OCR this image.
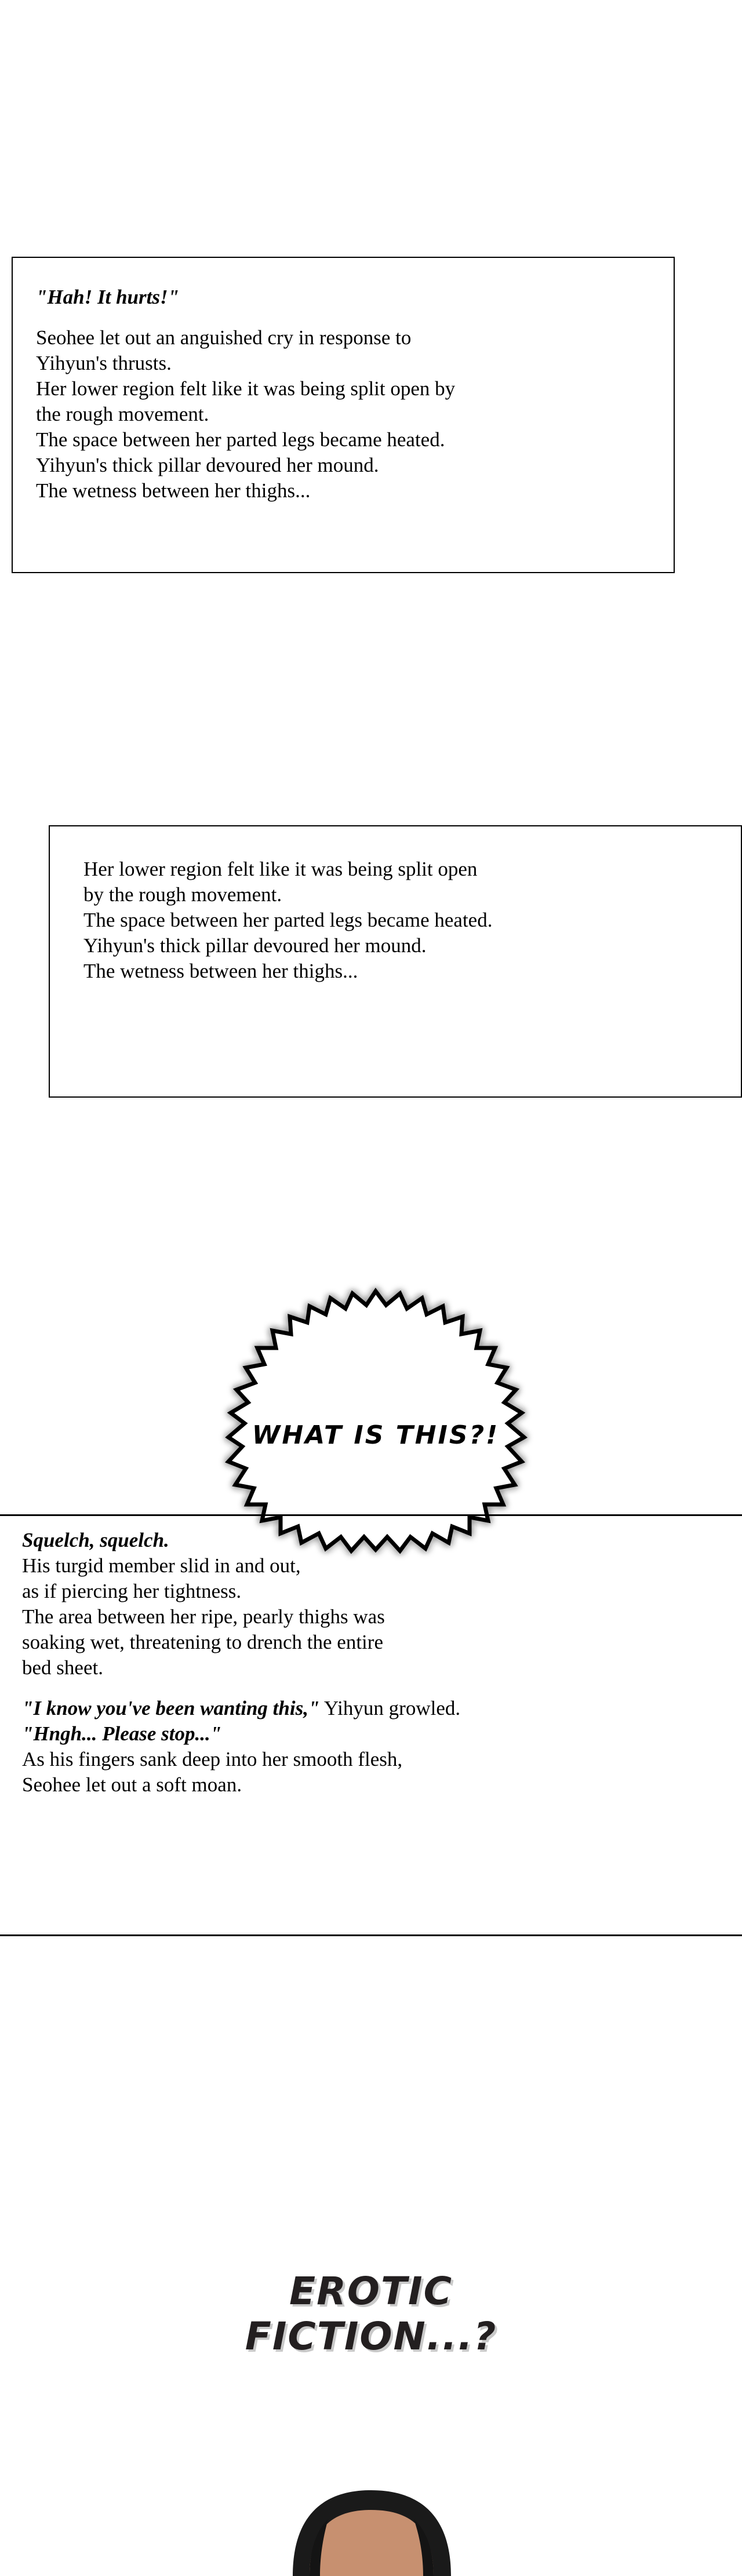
"Hah! It hurts!"
Seohee let out an anguished cry in response to
Yihyun's thrusts.
Her lower region felt like it was being split open by
the rough movement.
The space between her parted legs became heated.
Yihyun's thick pillar devoured her mound.
The wetness between her thighs...
Her lower region felt like it was being split open
by the rough movement.
The space between her parted legs became heated.
Yihyun's thick pillar devoured her mound.
The wetness between her thighs...
WHAT IS THIS?!
Squelch, squelch.
His turgid member slid in and out,
as if piercing her tightness.
The area between her ripe, pearly thighs was
soaking wet, threatening to drench the entire
bed sheet.
"I know you've been wanting this," Yihyun growled.
"Hngh... Please stop..."
As his fingers sank deep into her smooth flesh,
Seohee let out a soft moan.
EROTIC
FICTION...?
